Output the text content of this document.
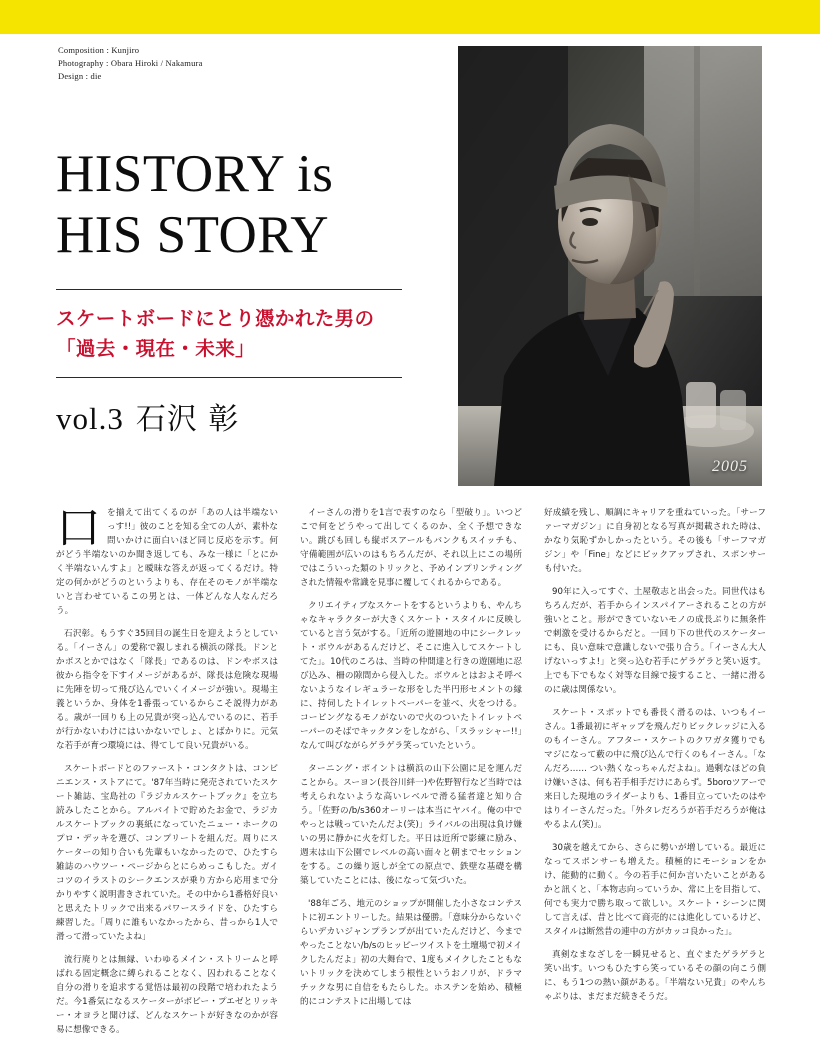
Composition : Kunjiro
Photography : Obara Hiroki / Nakamura
Design : die
2005
HISTORY is
HIS STORY
スケートボードにとり憑かれた男の
「過去・現在・未来」
vol.3 石沢 彰

口を揃えて出てくるのが「あの人は半端ないっす!!」彼のことを知る全ての人が、素朴な問いかけに面白いほど同じ反応を示す。何がどう半端ないのか聞き返しても、みな一様に「とにかく半端ないんすよ」と曖昧な答えが返ってくるだけ。特定の何かがどうのというよりも、存在そのモノが半端ないと言わせているこの男とは、一体どんな人なんだろう。

石沢彰。もうすぐ35回目の誕生日を迎えようとしている。「イーさん」の愛称で親しまれる横浜の隊長。ドンとかボスとかではなく「隊長」であるのは、ドンやボスは彼から指令を下すイメージがあるが、隊長は危険な現場に先陣を切って飛び込んでいくイメージが強い。現場主義というか、身体を1番張っているからこそ説得力がある。歳が一回りも上の兄貴が突っ込んでいるのに、若手が行かないわけにはいかないでしょ、とばかりに。元気な若手が育つ環境には、得てして良い兄貴がいる。

スケートボードとのファースト・コンタクトは、コンビニエンス・ストアにて。'87年当時に発売されていたスケート雑誌、宝島社の『ラジカルスケートブック』を立ち読みしたことから。アルバイトで貯めたお金で、ラジカルスケートブックの裏紙になっていたニュー・ホークのプロ・デッキを選び、コンプリートを組んだ。周りにスケーターの知り合いも先輩もいなかったので、ひたすら雑誌のハウツー・ページからとにらめっこもした。ガイコツのイラストのシークエンスが乗り方から応用まで分かりやすく説明書きされていた。その中から1番格好良いと思えたトリックで出来るパワースライドを、ひたすら練習した。「周りに誰もいなかったから、昔っから1人で滑って滑っていたよね」

流行廃りとは無縁、いわゆるメイン・ストリームと呼ばれる固定概念に縛られることなく、囚われることなく自分の滑りを追求する覚悟は最初の段階で培われたようだ。今1番気になるスケーターがボビー・プエゼとリッキー・オヨラと聞けば、どんなスケートが好きなのかが容易に想像できる。

イーさんの滑りを1言で表すのなら「型破り」。いつどこで何をどうやって出してくるのか、全く予想できない。跳びも回しも縦ボスアールもバンクもスイッチも、守備範囲が広いのはもちろんだが、それ以上にこの場所ではこういった類のトリックと、予めインプリンティングされた情報や常識を見事に覆してくれるからである。

クリエイティブなスケートをするというよりも、やんちゃなキャラクターが大きくスケート・スタイルに反映していると言う気がする。「近所の遊園地の中にシークレット・ボウルがあるんだけど、そこに進入してスケートしてた」。10代のころは、当時の仲間達と行きの遊園地に忍び込み、柵の隙間から侵入した。ボウルとはおよそ呼べないようなイレギュラーな形をした半円形セメントの縁に、持伺したトイレットペーパーを並べ、火をつける。コーピングなるモノがないので火のついたトイレットペーパーのそばでキックタンをしながら、「スラッシャー!!」なんて叫びながらゲラゲラ笑っていたという。

ターニング・ポイントは横浜の山下公園に足を運んだことから。スーヨン(長谷川絆一)や佐野智行など当時では考えられないような高いレベルで滑る猛者達と知り合う。「佐野の/b/s360オーリーは本当にヤバイ。俺の中でやっとは戦っていたんだよ(笑)」ライバルの出現は負け嫌いの男に静かに火を灯した。平日は近所で影練に励み、週末は山下公園でレベルの高い面々と朝までセッションをする。この繰り返しが全ての原点で、鉄壁な基礎を構築していたことには、後になって気づいた。

'88年ごろ、地元のショップが開催した小さなコンテストに初エントリーした。結果は優勝。「意味分からないぐらいデカいジャンプランプが出ていたんだけど、今までやったことない/b/sのヒッピーツイストを土壇場で初メイクしたんだよ」初の大舞台で、1度もメイクしたこともないトリックを決めてしまう根性というおノリが、ドラマチックな男に自信をもたらした。ホステンを始め、積極的にコンテストに出場しては

好成績を残し、順調にキャリアを重ねていった。「サーファーマガジン」に自身初となる写真が掲載された時は、かなり気恥ずかしかったという。その後も「サーフマガジン」や「Fine」などにピックアップされ、スポンサーも付いた。

90年に入ってすぐ、土屋敬志と出会った。同世代はもちろんだが、若手からインスパイアーされることの方が強いとこと。形ができていないモノの成長ぶりに無条件で刺激を受けるからだと。一回り下の世代のスケーターにも、良い意味で意識しないで張り合う。「イーさん大人げないっすよ!」と突っ込む若手にゲラゲラと笑い返す。上でも下でもなく対等な目線で接すること、一緒に滑るのに歳は関係ない。

スケート・スポットでも番長く滑るのは、いつもイーさん。1番最初にギャップを飛んだりビックレッジに入るのもイーさん。アフター・スケートのクワガタ獲りでもマジになって藪の中に飛び込んで行くのもイーさん。「なんだろ…… つい熱くなっちゃんだよね」。過剰なほどの負け嫌いさは、何も若手相手だけにあらず。5boroツアーで来日した現地のライダーよりも、1番目立っていたのはやはりイーさんだった。「外タレだろうが若手だろうが俺はやるよん(笑)」。

30歳を越えてから、さらに勢いが増している。最近になってスポンサーも増えた。積極的にモーションをかけ、能動的に動く。今の若手に何か言いたいことがあるかと訊くと、「本物志向っていうか、常に上を目指して、何でも実力で勝ち取って欲しい。スケート・シーンに関して言えば、昔と比べて商売的には進化しているけど、スタイルは断然昔の連中の方がカッコ良かった」。

真剣なまなざしを一瞬見せると、直ぐまたゲラゲラと笑い出す。いつもひたすら笑っているその顔の向こう側に、もう1つの熱い顔がある。「半端ない兄貴」のやんちゃぶりは、まだまだ続きそうだ。
